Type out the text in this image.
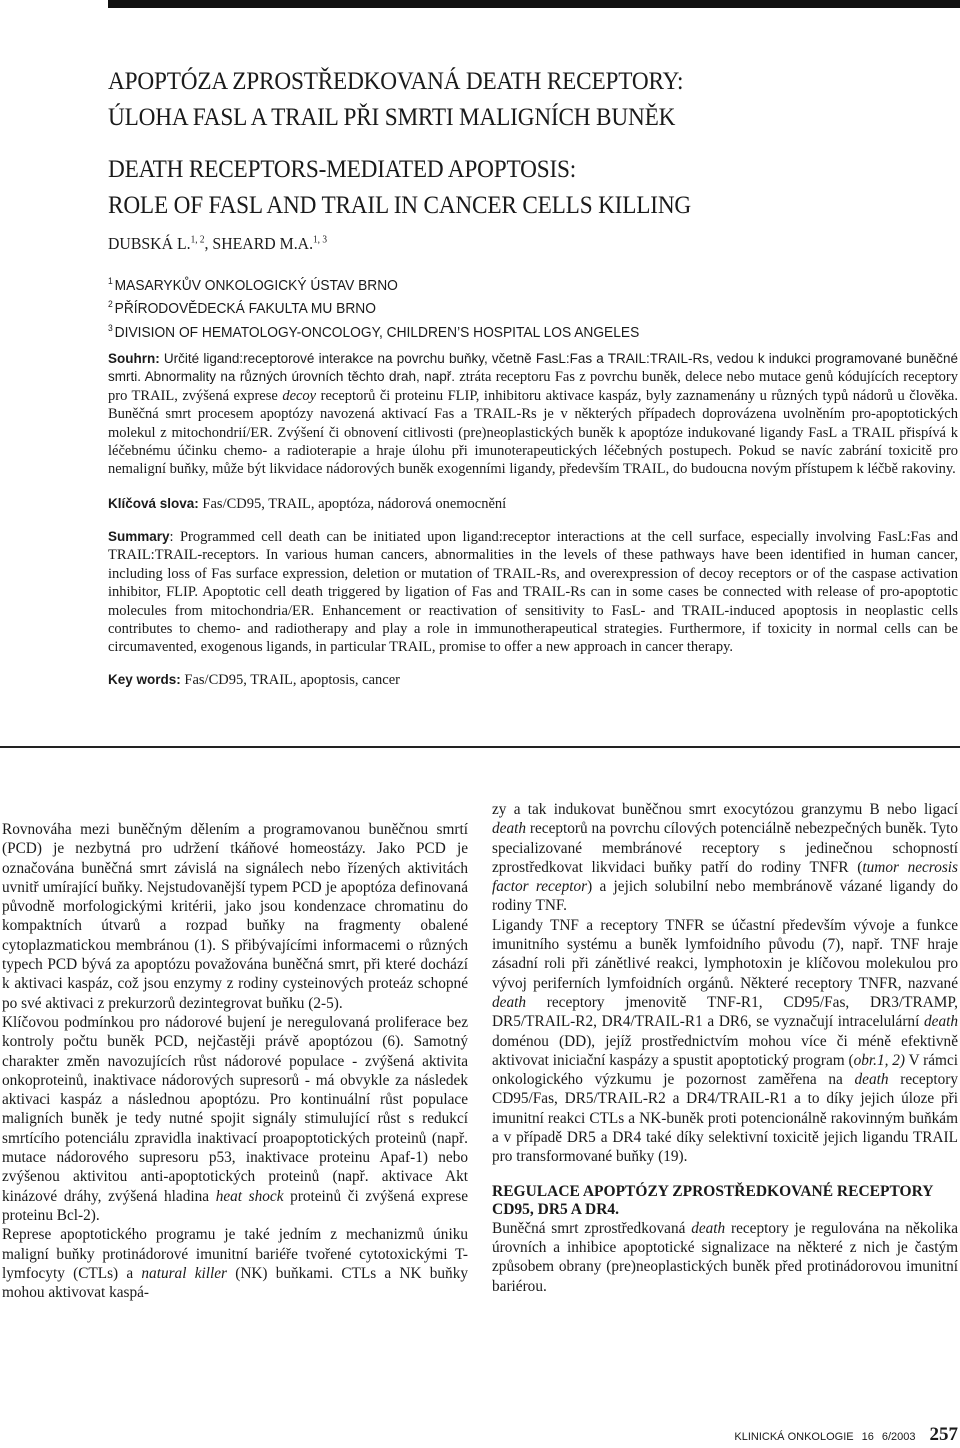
APOPTÓZA ZPROSTŘEDKOVANÁ DEATH RECEPTORY:
ÚLOHA FASL A TRAIL PŘI SMRTI MALIGNÍCH BUNĚK
DEATH RECEPTORS-MEDIATED APOPTOSIS:
ROLE OF FASL AND TRAIL IN CANCER CELLS KILLING
DUBSKÁ L.$^{1, 2}$, SHEARD M.A.$^{1, 3}$
$^1$ MASARYKŮV ONKOLOGICKÝ ÚSTAV BRNO
$^2$ PŘÍRODOVĚDECKÁ FAKULTA MU BRNO
$^3$ DIVISION OF HEMATOLOGY-ONCOLOGY, CHILDREN’S HOSPITAL LOS ANGELES
Souhrn: Určité ligand:receptorové interakce na povrchu buňky, včetně FasL:Fas a TRAIL:TRAIL-Rs, vedou k indukci programované buněčné smrti. Abnormality na různých úrovních těchto drah, např. ztráta receptoru Fas z povrchu buněk, delece nebo mutace genů kódujících receptory pro TRAIL, zvýšená exprese decoy receptorů či proteinu FLIP, inhibitoru aktivace kaspáz, byly zaznamenány u různých typů nádorů u člověka. Buněčná smrt procesem apoptózy navozená aktivací Fas a TRAIL-Rs je v některých případech doprovázena uvolněním pro-apoptotických molekul z mitochondrií/ER. Zvýšení či obnovení citlivosti (pre)neoplastických buněk k apoptóze indukované ligandy FasL a TRAIL přispívá k léčebnému účinku chemo- a radioterapie a hraje úlohu při imunoterapeutických léčebných postupech. Pokud se navíc zabrání toxicitě pro nemaligní buňky, může být likvidace nádorových buněk exogenními ligandy, především TRAIL, do budoucna novým přístupem k léčbě rakoviny.
Klíčová slova: Fas/CD95, TRAIL, apoptóza, nádorová onemocnění
Summary: Programmed cell death can be initiated upon ligand:receptor interactions at the cell surface, especially involving FasL:Fas and TRAIL:TRAIL-receptors. In various human cancers, abnormalities in the levels of these pathways have been identified in human cancer, including loss of Fas surface expression, deletion or mutation of TRAIL-Rs, and overexpression of decoy receptors or of the caspase activation inhibitor, FLIP. Apoptotic cell death triggered by ligation of Fas and TRAIL-Rs can in some cases be connected with release of pro-apoptotic molecules from mitochondria/ER. Enhancement or reactivation of sensitivity to FasL- and TRAIL-induced apoptosis in neoplastic cells contributes to chemo- and radiotherapy and play a role in immunotherapeutical strategies. Furthermore, if toxicity in normal cells can be circumavented, exogenous ligands, in particular TRAIL, promise to offer a new approach in cancer therapy.
Key words: Fas/CD95, TRAIL, apoptosis, cancer

Rovnováha mezi buněčným dělením a programovanou buněčnou smrtí (PCD) je nezbytná pro udržení tkáňové homeostázy. Jako PCD je označována buněčná smrt závislá na signálech nebo řízených aktivitách uvnitř umírající buňky. Nejstudovanější typem PCD je apoptóza definovaná původně morfologickými kritérii, jako jsou kondenzace chromatinu do kompaktních útvarů a rozpad buňky na fragmenty obalené cytoplazmatickou membránou (1). S přibývajícími informacemi o různých typech PCD bývá za apoptózu považována buněčná smrt, při které dochází k aktivaci kaspáz, což jsou enzymy z rodiny cysteinových proteáz schopné po své aktivaci z prekurzorů dezintegrovat buňku (2-5).

Klíčovou podmínkou pro nádorové bujení je neregulovaná proliferace bez kontroly počtu buněk PCD, nejčastěji právě apoptózou (6). Samotný charakter změn navozujících růst nádorové populace - zvýšená aktivita onkoproteinů, inaktivace nádorových supresorů - má obvykle za následek aktivaci kaspáz a následnou apoptózu. Pro kontinuální růst populace maligních buněk je tedy nutné spojit signály stimulující růst s redukcí smrtícího potenciálu zpravidla inaktivací proapoptotických proteinů (např. mutace nádorového supresoru p53, inaktivace proteinu Apaf-1) nebo zvýšenou aktivitou anti-apoptotických proteinů (např. aktivace Akt kinázové dráhy, zvýšená hladina heat shock proteinů či zvýšená exprese proteinu Bcl-2).

Represe apoptotického programu je také jedním z mechanizmů úniku maligní buňky protinádorové imunitní bariéře tvořené cytotoxickými T-lymfocyty (CTLs) a natural killer (NK) buňkami. CTLs a NK buňky mohou aktivovat kaspá-

zy a tak indukovat buněčnou smrt exocytózou granzymu B nebo ligací death receptorů na povrchu cílových potenciálně nebezpečných buněk. Tyto specializované membránové receptory s jedinečnou schopností zprostředkovat likvidaci buňky patří do rodiny TNFR (tumor necrosis factor receptor) a jejich solubilní nebo membránově vázané ligandy do rodiny TNF.

Ligandy TNF a receptory TNFR se účastní především vývoje a funkce imunitního systému a buněk lymfoidního původu (7), např. TNF hraje zásadní roli při zánětlivé reakci, lymphotoxin je klíčovou molekulou pro vývoj periferních lymfoidních orgánů. Některé receptory TNFR, nazvané death receptory jmenovitě TNF-R1, CD95/Fas, DR3/TRAMP, DR5/TRAIL-R2, DR4/TRAIL-R1 a DR6, se vyznačují intracelulární death doménou (DD), jejíž prostřednictvím mohou více či méně efektivně aktivovat iniciační kaspázy a spustit apoptotický program (obr.1, 2) V rámci onkologického výzkumu je pozornost zaměřena na death receptory CD95/Fas, DR5/TRAIL-R2 a DR4/TRAIL-R1 a to díky jejich úloze při imunitní reakci CTLs a NK-buněk proti potencionálně rakovinným buňkám a v případě DR5 a DR4 také díky selektivní toxicitě jejich ligandu TRAIL pro transformované buňky (19).

REGULACE APOPTÓZY ZPROSTŘEDKOVANÉ RECEPTORY CD95, DR5 A DR4.

Buněčná smrt zprostředkovaná death receptory je regulována na několika úrovních a inhibice apoptotické signalizace na některé z nich je častým způsobem obrany (pre)neoplastických buněk před protinádorovou imunitní bariérou.

KLINICKÁ ONKOLOGIE 16 6/2003 257
